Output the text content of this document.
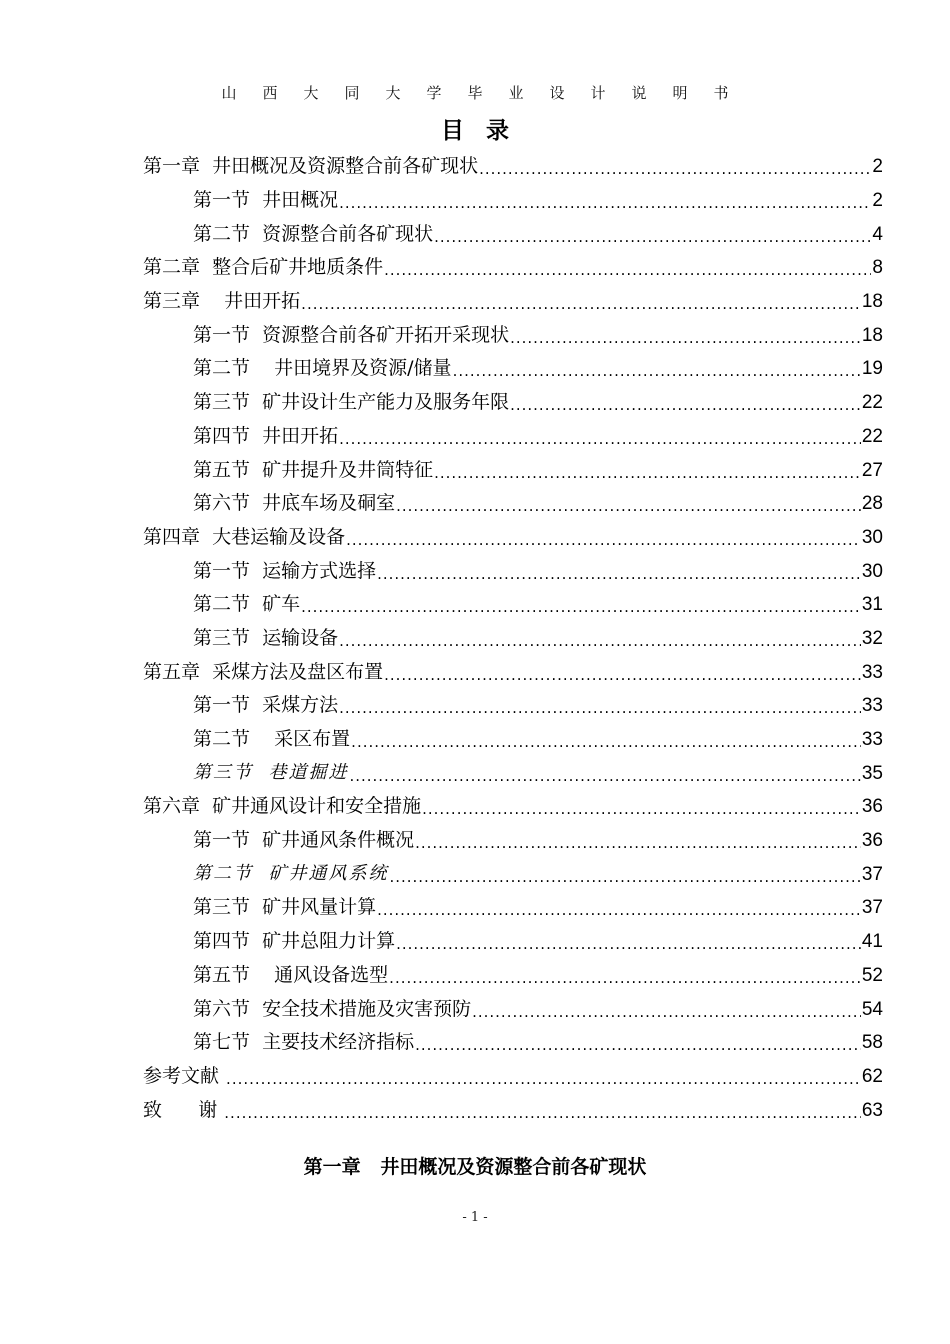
山西大同大学毕业设计说明书
目录
第一章  井田概况及资源整合前各矿现状 .....	2
第一节  井田概况 .....	2
第二节  资源整合前各矿现状 .....	4
第二章  整合后矿井地质条件 .....	8
第三章    井田开拓 .....	18
第一节  资源整合前各矿开拓开采现状 .....	18
第二节    井田境界及资源/储量 .....	19
第三节  矿井设计生产能力及服务年限 .....	22
第四节  井田开拓 .....	22
第五节  矿井提升及井筒特征 .....	27
第六节  井底车场及硐室 .....	28
第四章  大巷运输及设备 .....	30
第一节  运输方式选择 .....	30
第二节  矿车 .....	31
第三节  运输设备 .....	32
第五章  采煤方法及盘区布置 .....	33
第一节  采煤方法 .....	33
第二节    采区布置 .....	33
第三节  巷道掘进 .....	35
第六章  矿井通风设计和安全措施 .....	36
第一节  矿井通风条件概况 .....	36
第二节  矿井通风系统 .....	37
第三节  矿井风量计算 .....	37
第四节  矿井总阻力计算 .....	41
第五节    通风设备选型 .....	52
第六节  安全技术措施及灾害预防 .....	54
第七节  主要技术经济指标 .....	58
参考文献 .....	62
致      谢 .....	63
第一章   井田概况及资源整合前各矿现状
- 1 -
